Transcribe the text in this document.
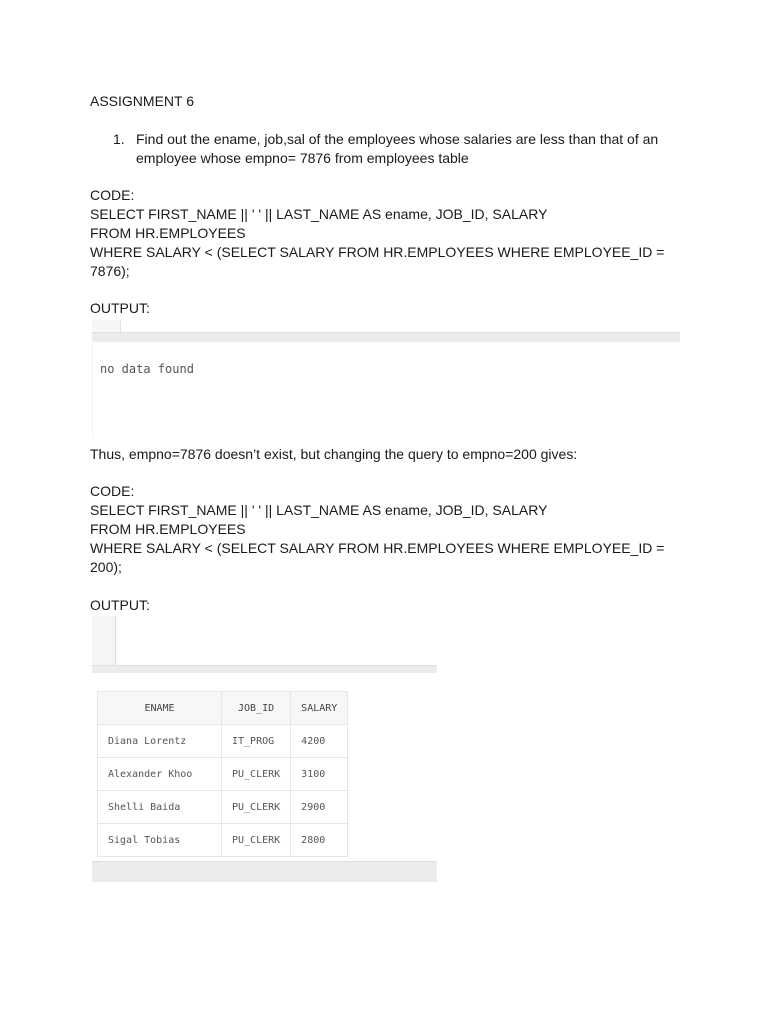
ASSIGNMENT 6
1. Find out the ename, job,sal of the employees whose salaries are less than that of an
employee whose empno= 7876 from employees table
CODE:
SELECT FIRST_NAME || ' ' || LAST_NAME AS ename, JOB_ID, SALARY
FROM HR.EMPLOYEES
WHERE SALARY < (SELECT SALARY FROM HR.EMPLOYEES WHERE EMPLOYEE_ID =
7876);
OUTPUT:
no data found
Thus, empno=7876 doesn’t exist, but changing the query to empno=200 gives:
CODE:
SELECT FIRST_NAME || ' ' || LAST_NAME AS ename, JOB_ID, SALARY
FROM HR.EMPLOYEES
WHERE SALARY < (SELECT SALARY FROM HR.EMPLOYEES WHERE EMPLOYEE_ID =
200);
OUTPUT:
ENAME	JOB_ID	SALARY
Diana Lorentz	IT_PROG	4200
Alexander Khoo	PU_CLERK	3100
Shelli Baida	PU_CLERK	2900
Sigal Tobias	PU_CLERK	2800
